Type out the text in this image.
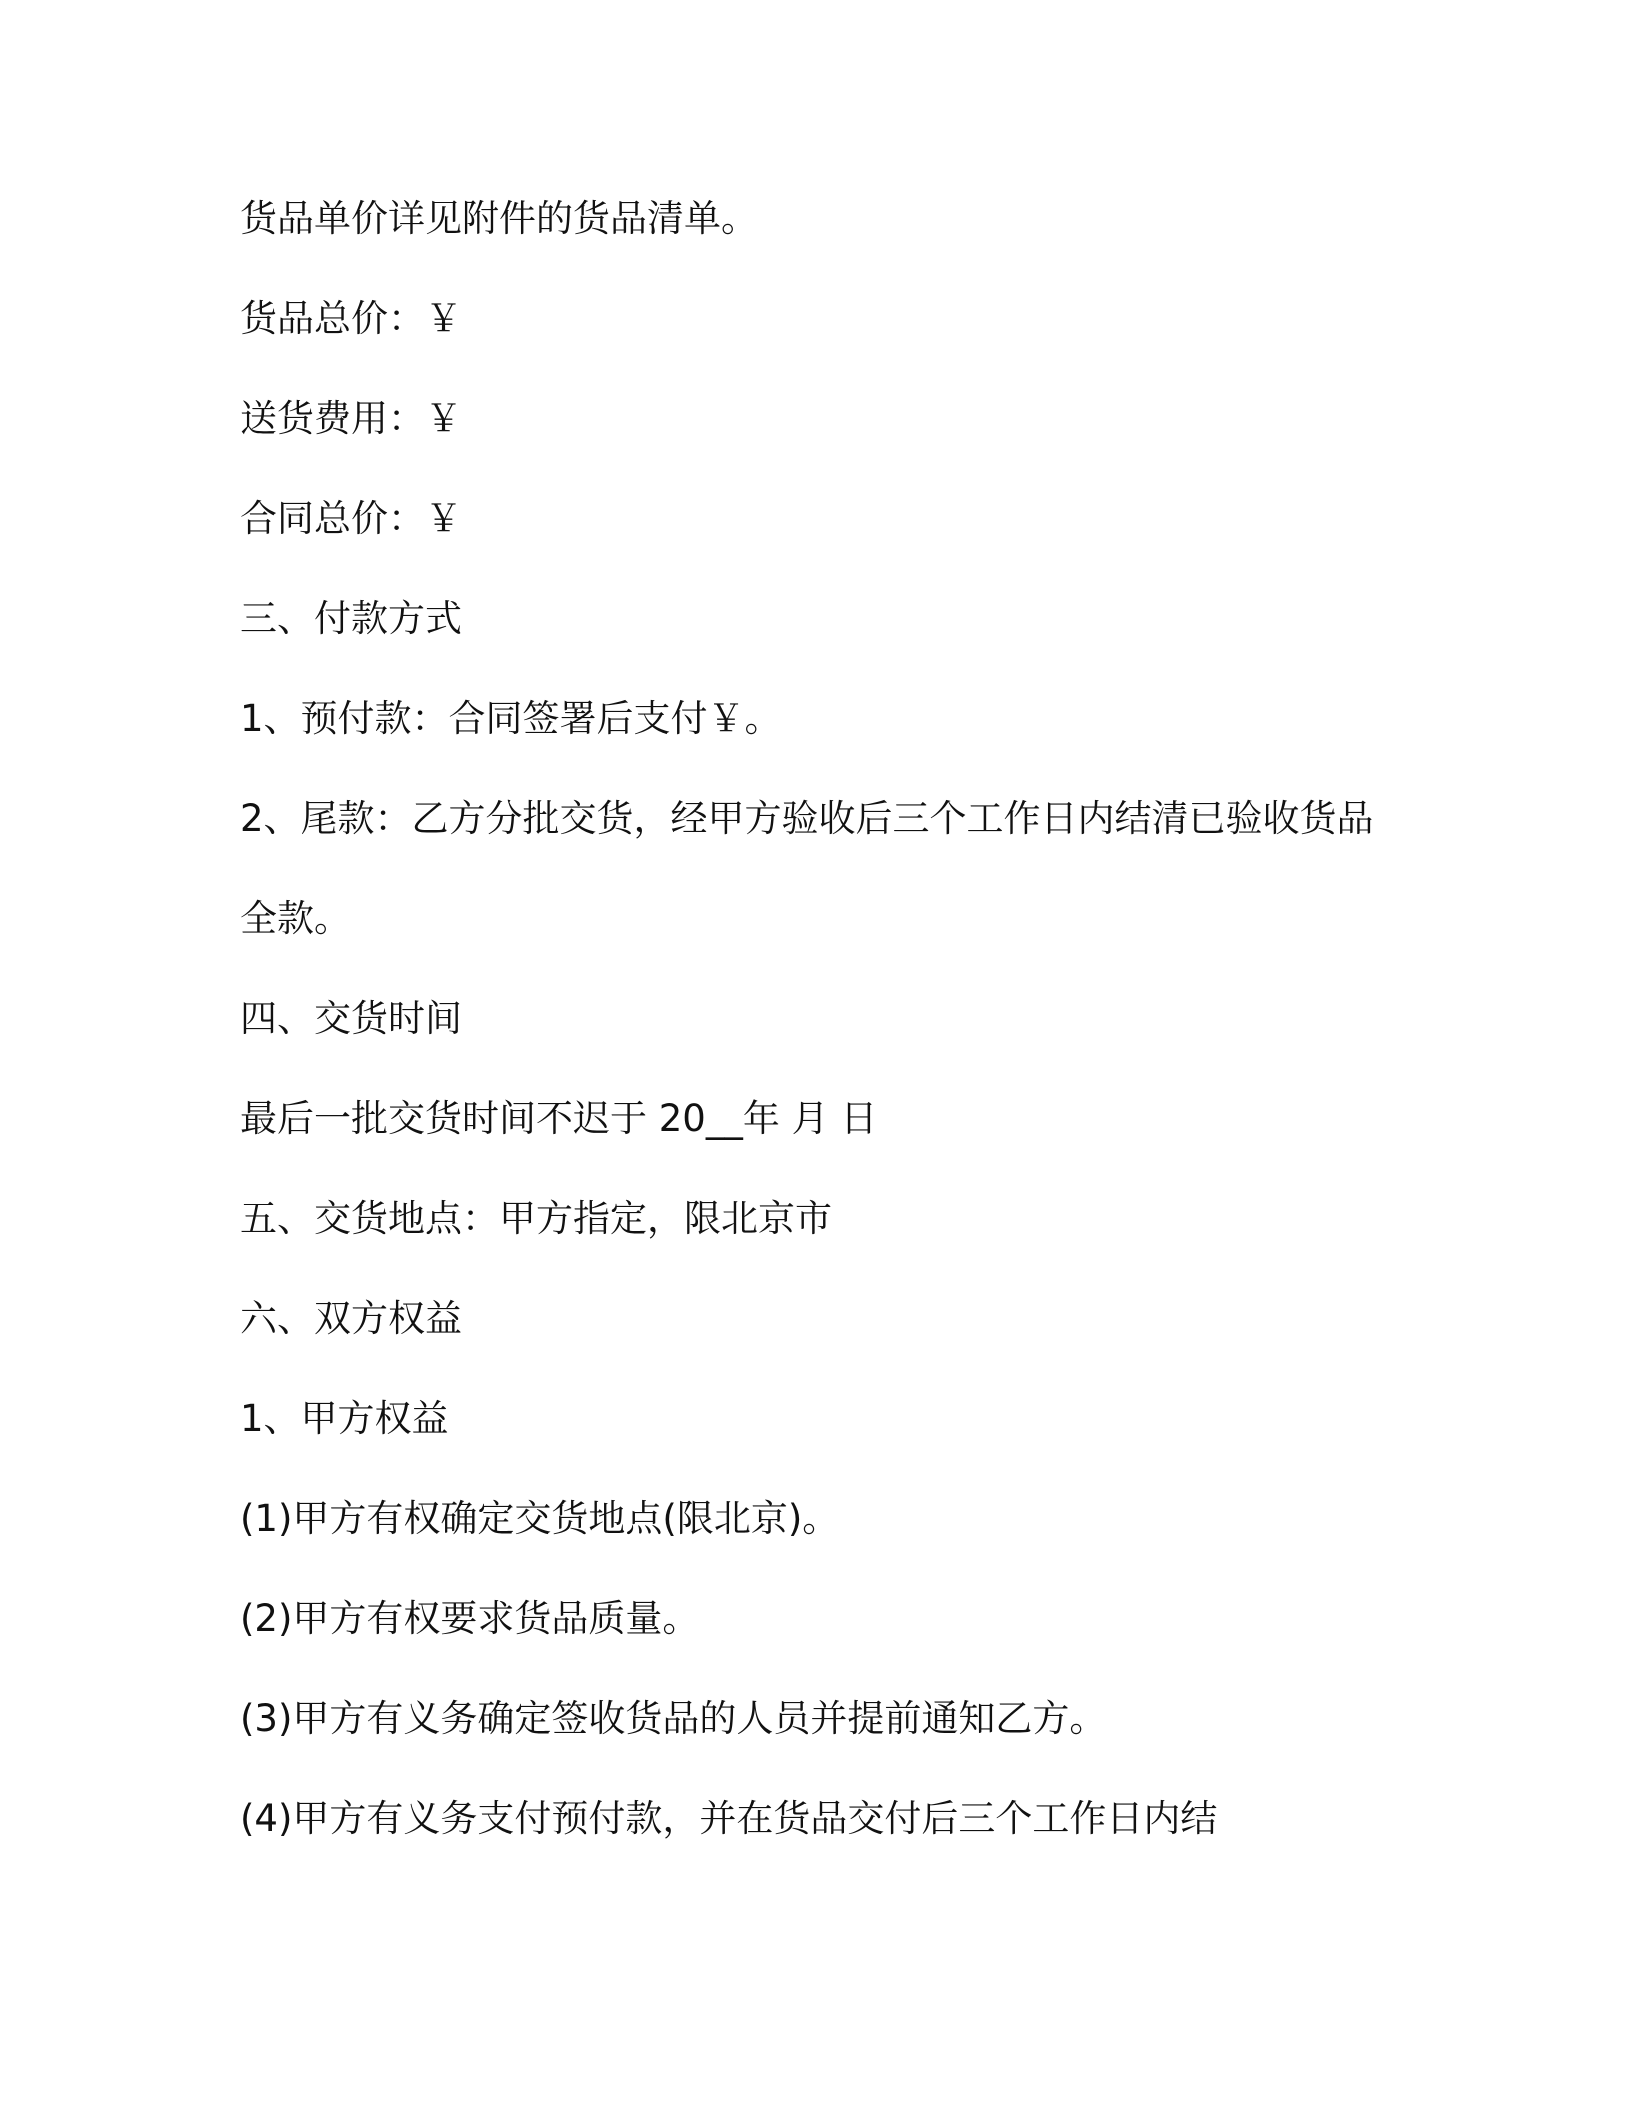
货品单价详见附件的货品清单。

货品总价：￥

送货费用：￥

合同总价：￥

三、付款方式

1、预付款：合同签署后支付￥。

2、尾款：乙方分批交货，经甲方验收后三个工作日内结清已验收货品

全款。

四、交货时间

最后一批交货时间不迟于 20__年 月 日

五、交货地点：甲方指定，限北京市

六、双方权益

1、甲方权益

(1)甲方有权确定交货地点(限北京)。

(2)甲方有权要求货品质量。

(3)甲方有义务确定签收货品的人员并提前通知乙方。

(4)甲方有义务支付预付款，并在货品交付后三个工作日内结
